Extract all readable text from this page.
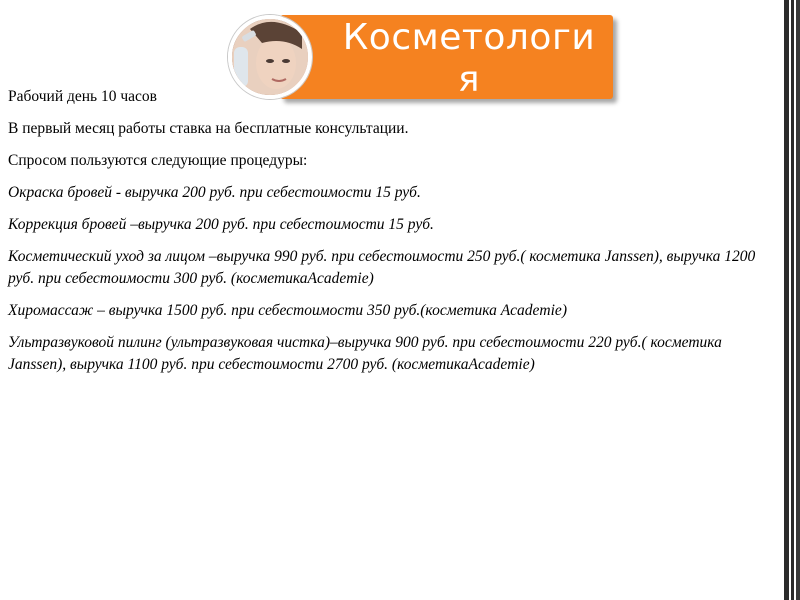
Косметология

Рабочий день 10 часов

В первый месяц работы ставка на бесплатные консультации.

Спросом пользуются следующие процедуры:

Окраска бровей - выручка 200 руб. при себестоимости 15 руб.

Коррекция бровей –выручка 200 руб. при себестоимости 15 руб.

Косметический уход за лицом –выручка 990 руб. при себестоимости 250 руб.( косметика Janssen), выручка 1200 руб. при себестоимости 300 руб. (косметикаAcademie)

Хиромассаж – выручка 1500 руб. при себестоимости 350 руб.(косметика Academie)

Ультразвуковой пилинг (ультразвуковая чистка)–выручка 900 руб. при себестоимости 220 руб.( косметика Janssen), выручка 1100 руб. при себестоимости 2700 руб. (косметикаAcademie)
